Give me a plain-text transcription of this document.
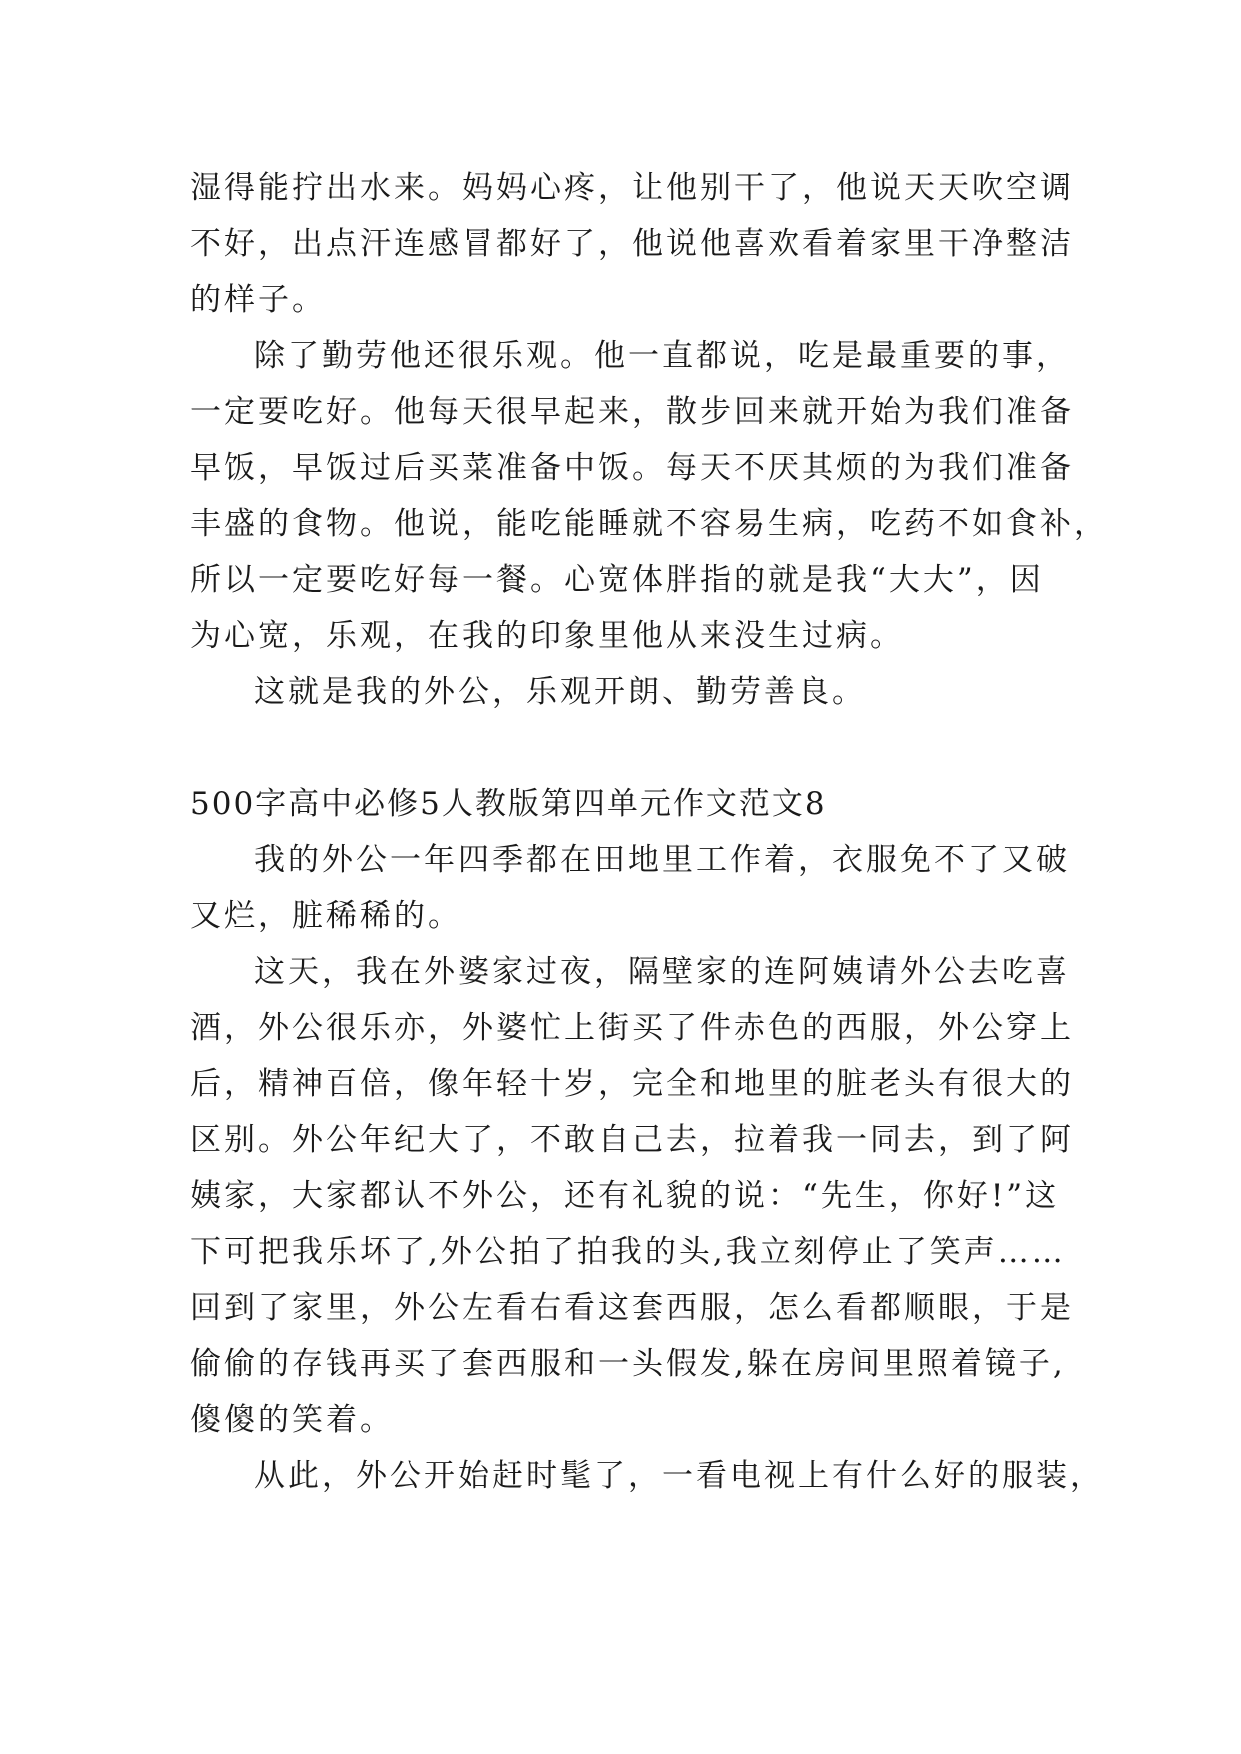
湿得能拧出水来。妈妈心疼，让他别干了，他说天天吹空调
不好，出点汗连感冒都好了，他说他喜欢看着家里干净整洁
的样子。
除了勤劳他还很乐观。他一直都说，吃是最重要的事，
一定要吃好。他每天很早起来，散步回来就开始为我们准备
早饭，早饭过后买菜准备中饭。每天不厌其烦的为我们准备
丰盛的食物。他说，能吃能睡就不容易生病，吃药不如食补，
所以一定要吃好每一餐。心宽体胖指的就是我“大大”，因
为心宽，乐观，在我的印象里他从来没生过病。
这就是我的外公，乐观开朗、勤劳善良。
500字高中必修5人教版第四单元作文范文8
我的外公一年四季都在田地里工作着，衣服免不了又破
又烂，脏稀稀的。
这天，我在外婆家过夜，隔壁家的连阿姨请外公去吃喜
酒，外公很乐亦，外婆忙上街买了件赤色的西服，外公穿上
后，精神百倍，像年轻十岁，完全和地里的脏老头有很大的
区别。外公年纪大了，不敢自己去，拉着我一同去，到了阿
姨家，大家都认不外公，还有礼貌的说：“先生，你好!”这
下可把我乐坏了,外公拍了拍我的头,我立刻停止了笑声……
回到了家里，外公左看右看这套西服，怎么看都顺眼，于是
偷偷的存钱再买了套西服和一头假发,躲在房间里照着镜子,
傻傻的笑着。
从此，外公开始赶时髦了，一看电视上有什么好的服装，
